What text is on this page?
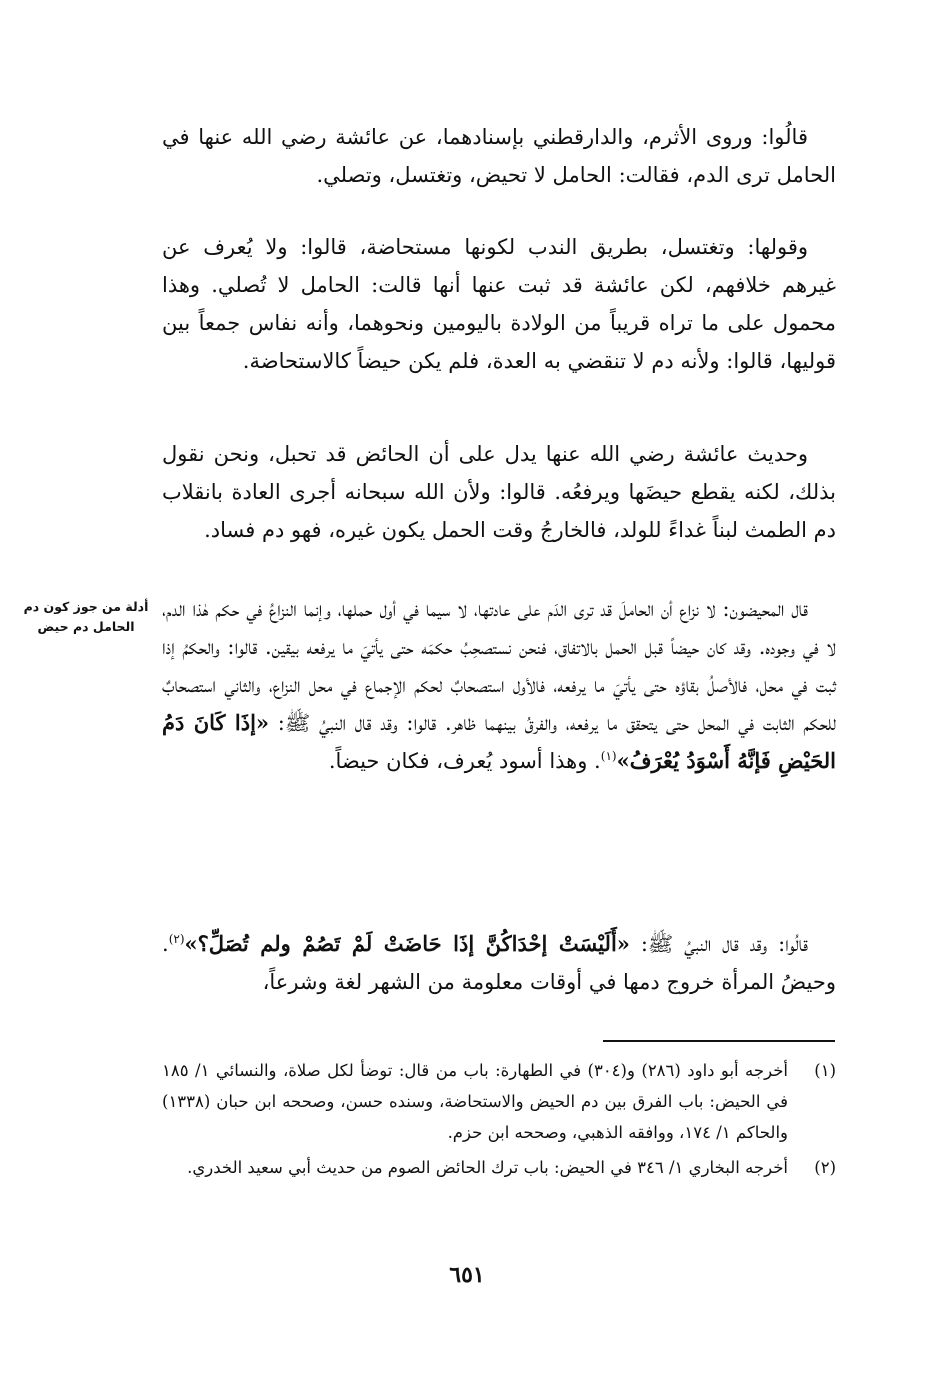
قالُوا: وروى الأثرم، والدارقطني بإسنادهما، عن عائشة رضي الله عنها في الحامل ترى الدم، فقالت: الحامل لا تحيض، وتغتسل، وتصلي.

وقولها: وتغتسل، بطريق الندب لكونها مستحاضة، قالوا: ولا يُعرف عن غيرهم خلافهم، لكن عائشة قد ثبت عنها أنها قالت: الحامل لا تُصلي. وهذا محمول على ما تراه قريباً من الولادة باليومين ونحوهما، وأنه نفاس جمعاً بين قوليها، قالوا: ولأنه دم لا تنقضي به العدة، فلم يكن حيضاً كالاستحاضة.

وحديث عائشة رضي الله عنها يدل على أن الحائض قد تحبل، ونحن نقول بذلك، لكنه يقطع حيضَها ويرفعُه. قالوا: ولأن الله سبحانه أجرى العادة بانقلاب دم الطمث لبناً غداءً للولد، فالخارجُ وقت الحمل يكون غيره، فهو دم فساد.

أدلة من جوز كون دم الحامل دم حيض

قال المحيضون: لا نزاع أن الحاملَ قد ترى الدَم على عادتها، لا سيما في أول حملها، وإنما النزاعُ في حكم هٰذا الدم، لا في وجوده. وقد كان حيضاً قبل الحمل بالاتفاق، فنحن نستصحِبُ حكمَه حتى يأتيَ ما يرفعه بيقين. قالوا: والحكمُ إذا ثبت في محل، فالأصلُ بقاؤه حتى يأتيَ ما يرفعه، فالأول استصحابٌ لحكم الإجماع في محل النزاع، والثاني استصحابٌ للحكم الثابت في المحل حتى يتحقق ما يرفعه، والفرقُ بينهما ظاهر. قالوا: وقد قال النبيُ ﷺ: «إذَا كَانَ دَمُ الحَيْضِ فَإنَّهُ أَسْوَدُ يُعْرَفُ»$^{(١)}$. وهذا أسود يُعرف، فكان حيضاً.

قالُوا: وقد قال النبيُ ﷺ: «أَلَيْسَتْ إحْدَاكُنَّ إذَا حَاضَتْ لَمْ تَصُمْ ولم تُصَلِّ؟»$^{(٢)}$. وحيضُ المرأة خروج دمها في أوقات معلومة من الشهر لغة وشرعاً،

(١)
أخرجه أبو داود (٢٨٦) و(٣٠٤) في الطهارة: باب من قال: توضأ لكل صلاة، والنسائي ١/ ١٨٥ في الحيض: باب الفرق بين دم الحيض والاستحاضة، وسنده حسن، وصححه ابن حبان (١٣٣٨) والحاكم ١/ ١٧٤، ووافقه الذهبي، وصححه ابن حزم.
(٢)
أخرجه البخاري ١/ ٣٤٦ في الحيض: باب ترك الحائض الصوم من حديث أبي سعيد الخدري.
٦٥١
